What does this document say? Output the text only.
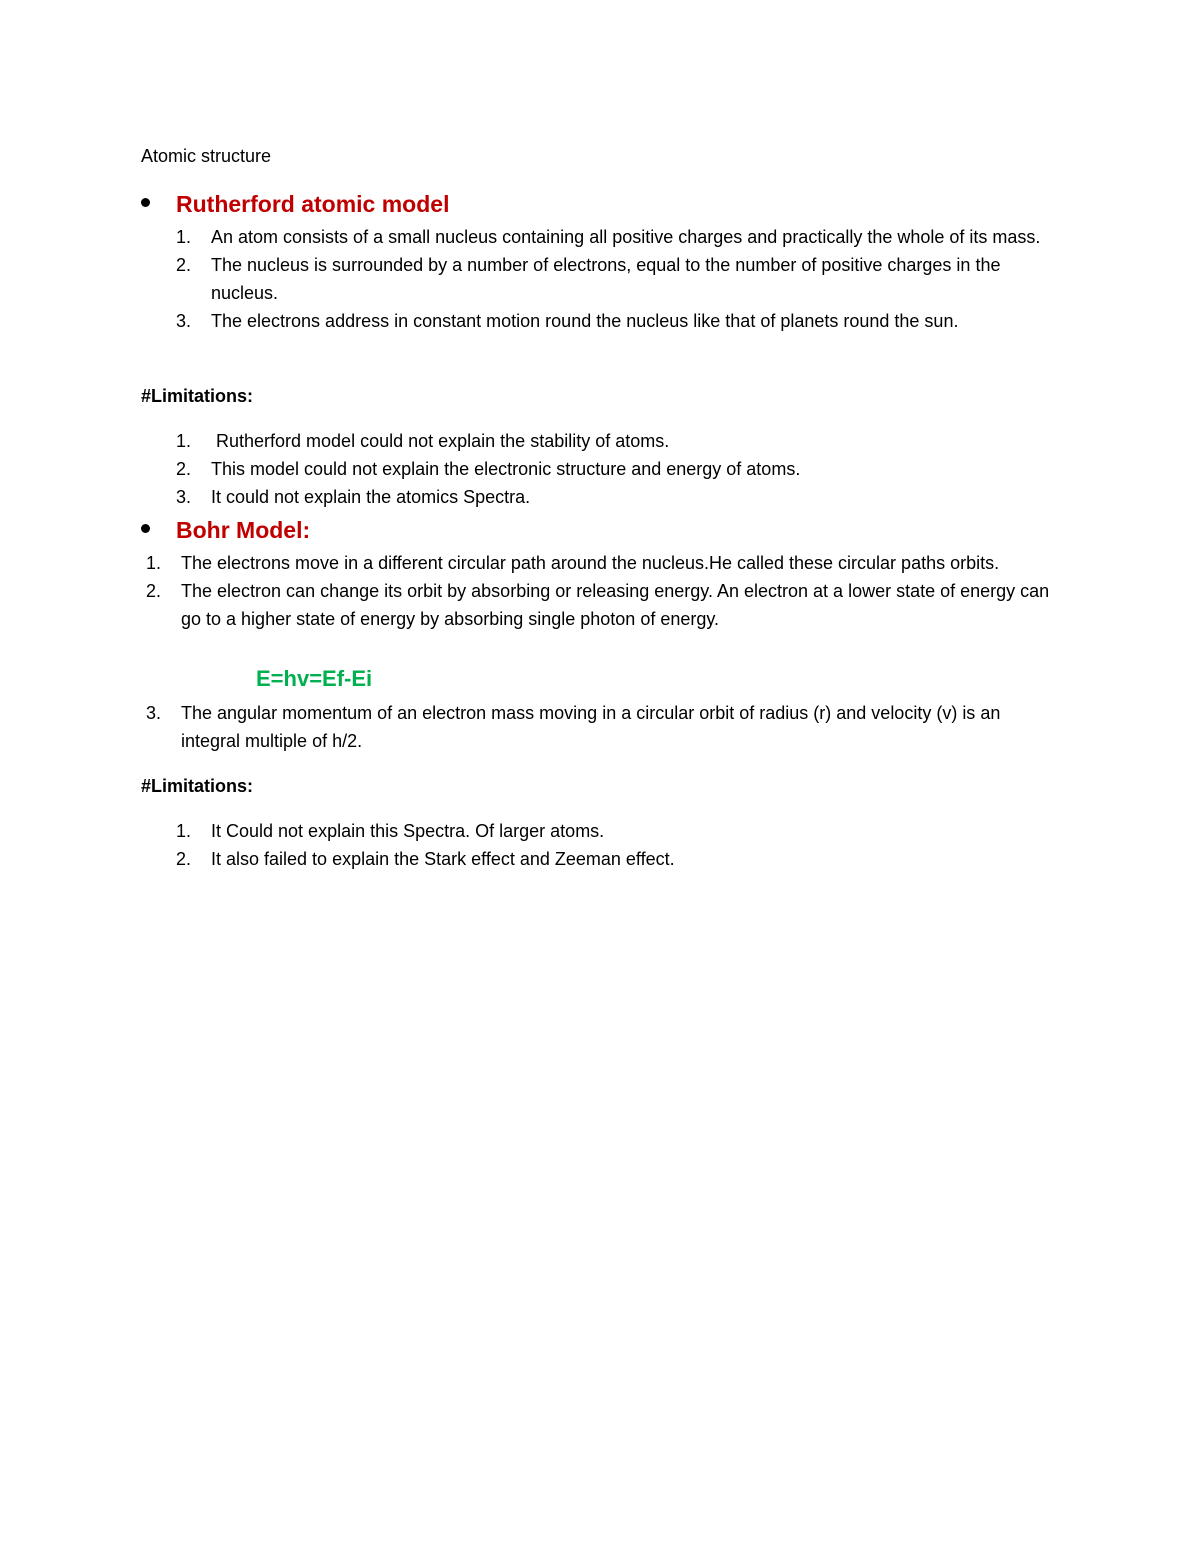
Atomic structure
Rutherford atomic model
1. An atom consists of a small nucleus containing all positive charges and practically the whole of its mass.
2. The nucleus is surrounded by a number of electrons, equal to the number of positive charges in the nucleus.
3. The electrons address in constant motion round the nucleus like that of planets round the sun.
#Limitations:
1. Rutherford model could not explain the stability of atoms.
2. This model could not explain the electronic structure and energy of atoms.
3. It could not explain the atomics Spectra.
Bohr Model:
1. The electrons move in a different circular path around the nucleus.He called these circular paths orbits.
2. The electron can change its orbit by absorbing or releasing energy. An electron at a lower state of energy can go to a higher state of energy by absorbing single photon of energy.
E=hv=Ef-Ei
3. The angular momentum of an electron mass moving in a circular orbit of radius (r) and velocity (v) is an integral multiple of h/2.
#Limitations:
1. It Could not explain this Spectra. Of larger atoms.
2. It also failed to explain the Stark effect and Zeeman effect.
